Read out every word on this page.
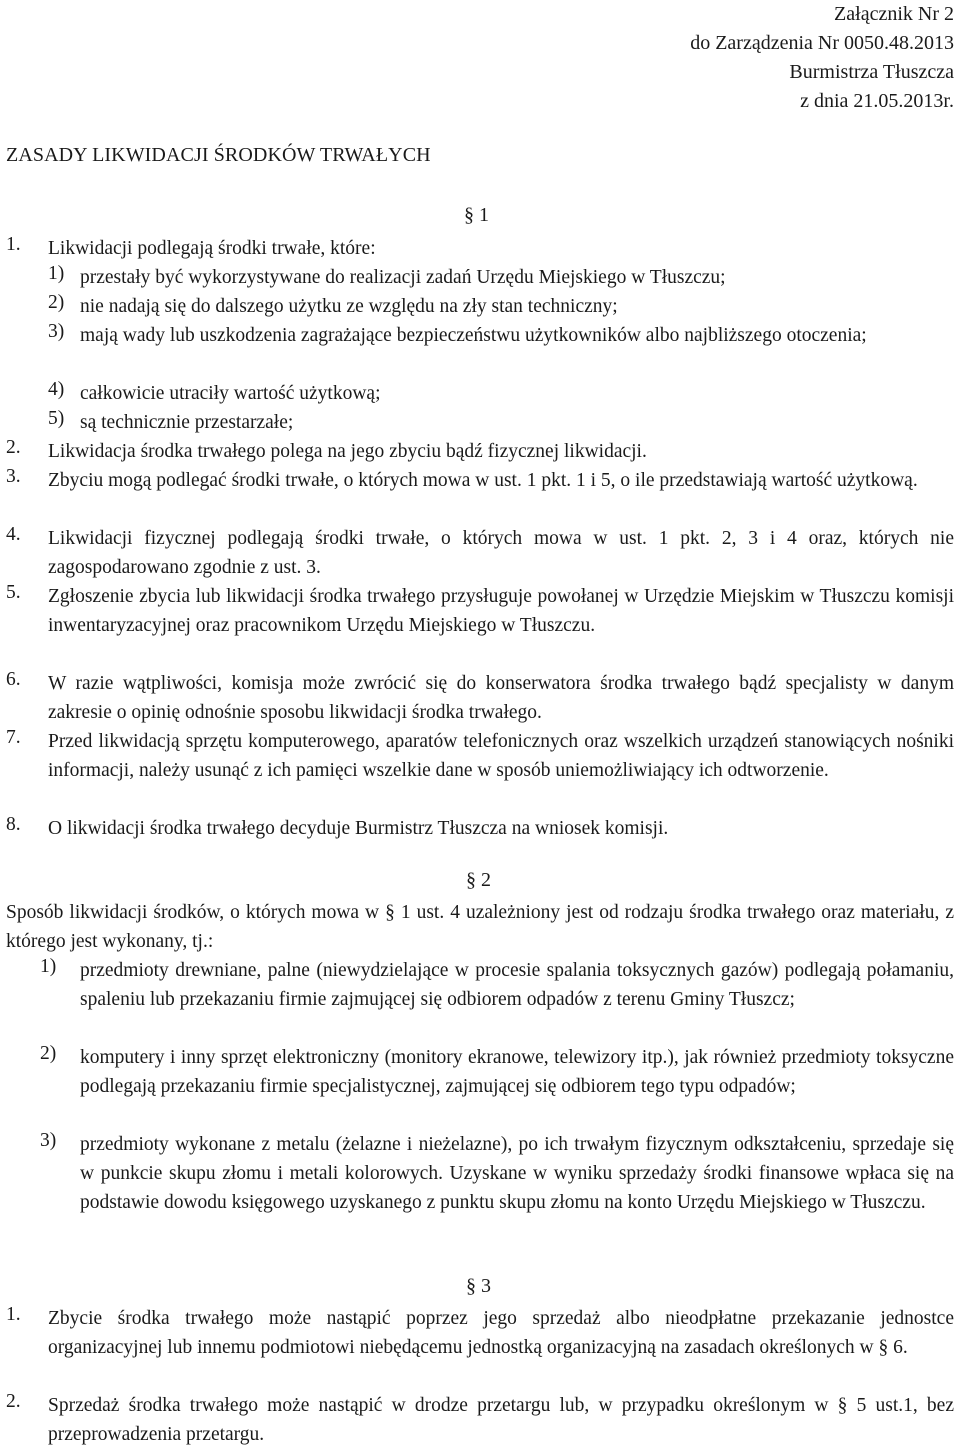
Załącznik Nr 2
do Zarządzenia Nr 0050.48.2013
Burmistrza Tłuszcza
z dnia 21.05.2013r.
ZASADY LIKWIDACJI ŚRODKÓW TRWAŁYCH
§ 1
1. Likwidacji podlegają środki trwałe, które:
1) przestały być wykorzystywane do realizacji zadań Urzędu Miejskiego w Tłuszczu;
2) nie nadają się do dalszego użytku ze względu na zły stan techniczny;
3) mają wady lub uszkodzenia zagrażające bezpieczeństwu użytkowników albo najbliższego otoczenia;
4) całkowicie utraciły wartość użytkową;
5) są technicznie przestarzałe;
2. Likwidacja środka trwałego polega na jego zbyciu bądź fizycznej likwidacji.
3. Zbyciu mogą podlegać środki trwałe, o których mowa w ust. 1 pkt. 1 i 5, o ile przedstawiają wartość użytkową.
4. Likwidacji fizycznej podlegają środki trwałe, o których mowa w ust. 1 pkt. 2, 3 i 4 oraz, których nie zagospodarowano zgodnie z ust. 3.
5. Zgłoszenie zbycia lub likwidacji środka trwałego przysługuje powołanej w Urzędzie Miejskim w Tłuszczu komisji inwentaryzacyjnej oraz pracownikom Urzędu Miejskiego w Tłuszczu.
6. W razie wątpliwości, komisja może zwrócić się do konserwatora środka trwałego bądź specjalisty w danym zakresie o opinię odnośnie sposobu likwidacji środka trwałego.
7. Przed likwidacją sprzętu komputerowego, aparatów telefonicznych oraz wszelkich urządzeń stanowiących nośniki informacji, należy usunąć z ich pamięci wszelkie dane w sposób uniemożliwiający ich odtworzenie.
8. O likwidacji środka trwałego decyduje Burmistrz Tłuszcza na wniosek komisji.
§ 2
Sposób likwidacji środków, o których mowa w § 1 ust. 4 uzależniony jest od rodzaju środka trwałego oraz materiału, z którego jest wykonany, tj.:
1) przedmioty drewniane, palne (niewydzielające w procesie spalania toksycznych gazów) podlegają połamaniu, spaleniu lub przekazaniu firmie zajmującej się odbiorem odpadów z terenu Gminy Tłuszcz;
2) komputery i inny sprzęt elektroniczny (monitory ekranowe, telewizory itp.), jak również przedmioty toksyczne podlegają przekazaniu firmie specjalistycznej, zajmującej się odbiorem tego typu odpadów;
3) przedmioty wykonane z metalu (żelazne i nieżelazne), po ich trwałym fizycznym odkształceniu, sprzedaje się w punkcie skupu złomu i metali kolorowych. Uzyskane w wyniku sprzedaży środki finansowe wpłaca się na podstawie dowodu księgowego uzyskanego z punktu skupu złomu na konto Urzędu Miejskiego w Tłuszczu.
§ 3
1. Zbycie środka trwałego może nastąpić poprzez jego sprzedaż albo nieodpłatne przekazanie jednostce organizacyjnej lub innemu podmiotowi niebędącemu jednostką organizacyjną na zasadach określonych w § 6.
2. Sprzedaż środka trwałego może nastąpić w drodze przetargu lub, w przypadku określonym w § 5 ust.1, bez przeprowadzenia przetargu.
